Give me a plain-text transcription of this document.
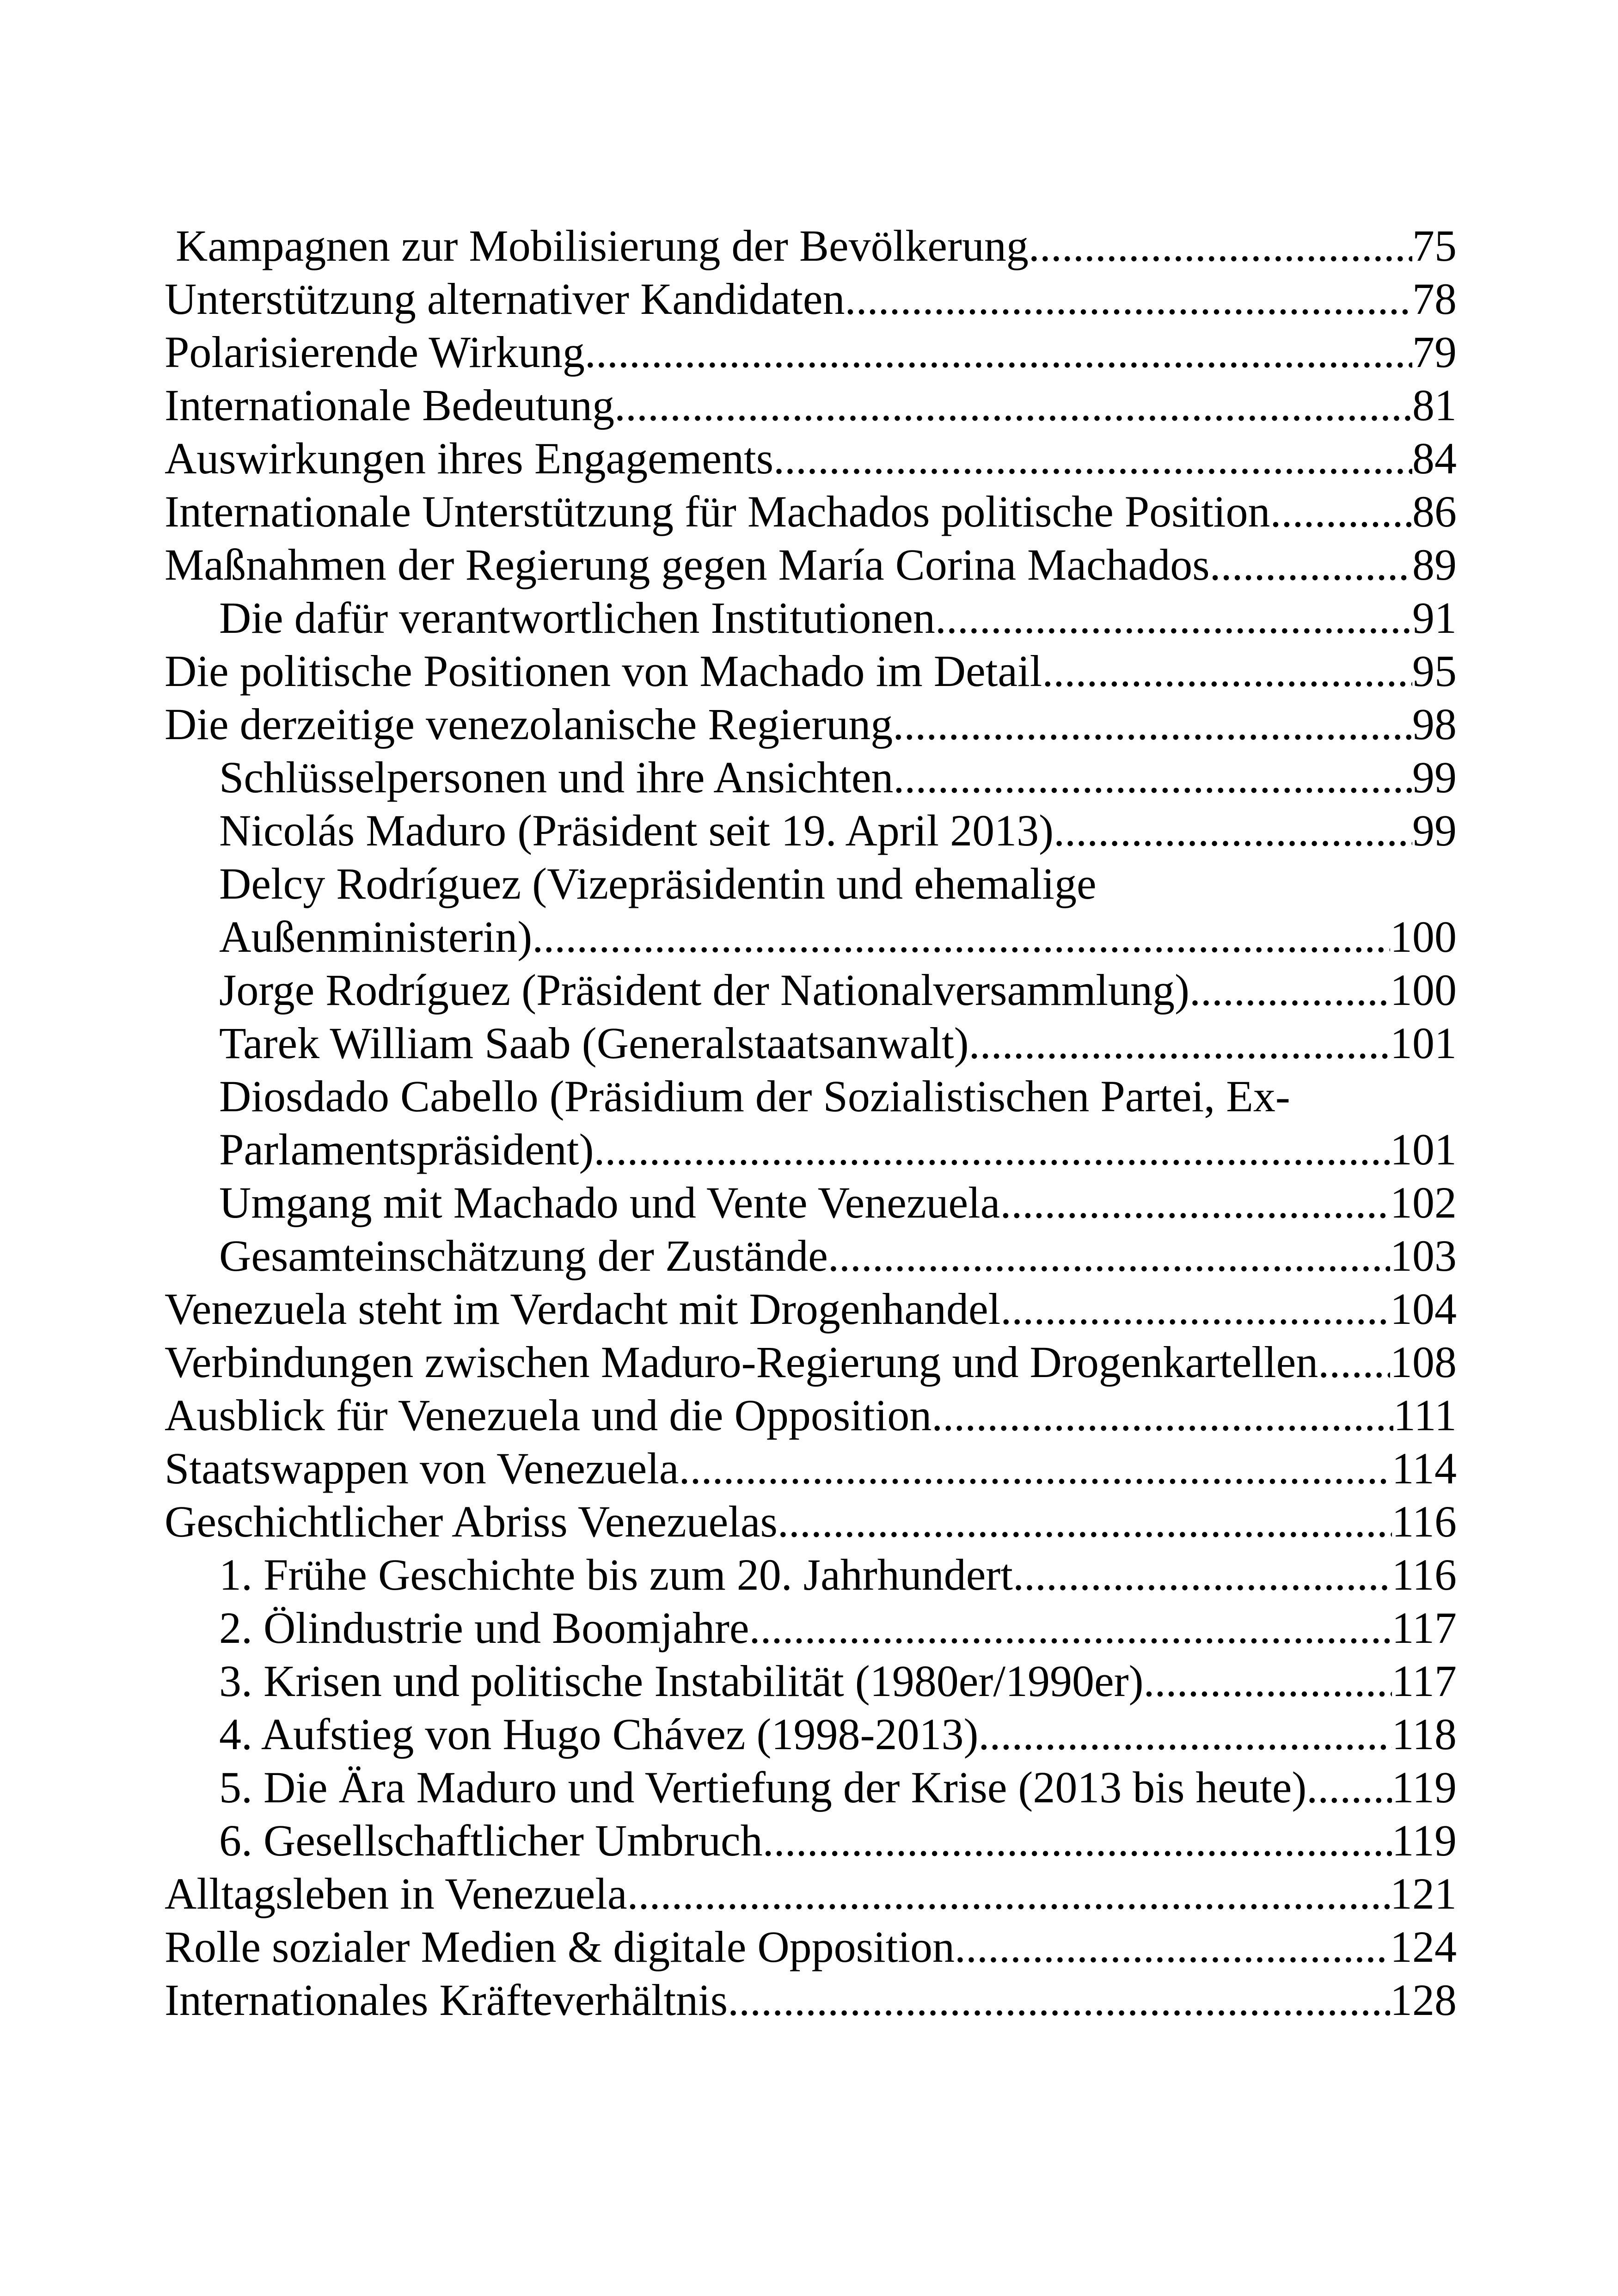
Kampagnen zur Mobilisierung der Bevölkerung .....	75
Unterstützung alternativer Kandidaten .....	78
Polarisierende Wirkung .....	79
Internationale Bedeutung .....	81
Auswirkungen ihres Engagements .....	84
Internationale Unterstützung für Machados politische Position .....	86
Maßnahmen der Regierung gegen María Corina Machados .....	89
Die dafür verantwortlichen Institutionen .....	91
Die politische Positionen von Machado im Detail .....	95
Die derzeitige venezolanische Regierung .....	98
Schlüsselpersonen und ihre Ansichten .....	99
Nicolás Maduro (Präsident seit 19. April 2013) .....	99
Delcy Rodríguez (Vizepräsidentin und ehemalige
Außenministerin) .....	100
Jorge Rodríguez (Präsident der Nationalversammlung) .....	100
Tarek William Saab (Generalstaatsanwalt) .....	101
Diosdado Cabello (Präsidium der Sozialistischen Partei, Ex-
Parlamentspräsident) .....	101
Umgang mit Machado und Vente Venezuela .....	102
Gesamteinschätzung der Zustände .....	103
Venezuela steht im Verdacht mit Drogenhandel .....	104
Verbindungen zwischen Maduro-Regierung und Drogenkartellen. ..... 108
Ausblick für Venezuela und die Opposition .....	111
Staatswappen von Venezuela .....	114
Geschichtlicher Abriss Venezuelas .....	116
1. Frühe Geschichte bis zum 20. Jahrhundert .....	116
2. Ölindustrie und Boomjahre .....	117
3. Krisen und politische Instabilität (1980er/1990er) .....	117
4. Aufstieg von Hugo Chávez (1998-2013) .....	118
5. Die Ära Maduro und Vertiefung der Krise (2013 bis heute). ..... 119
6. Gesellschaftlicher Umbruch .....	119
Alltagsleben in Venezuela .....	121
Rolle sozialer Medien & digitale Opposition .....	124
Internationales Kräfteverhältnis .....	128
